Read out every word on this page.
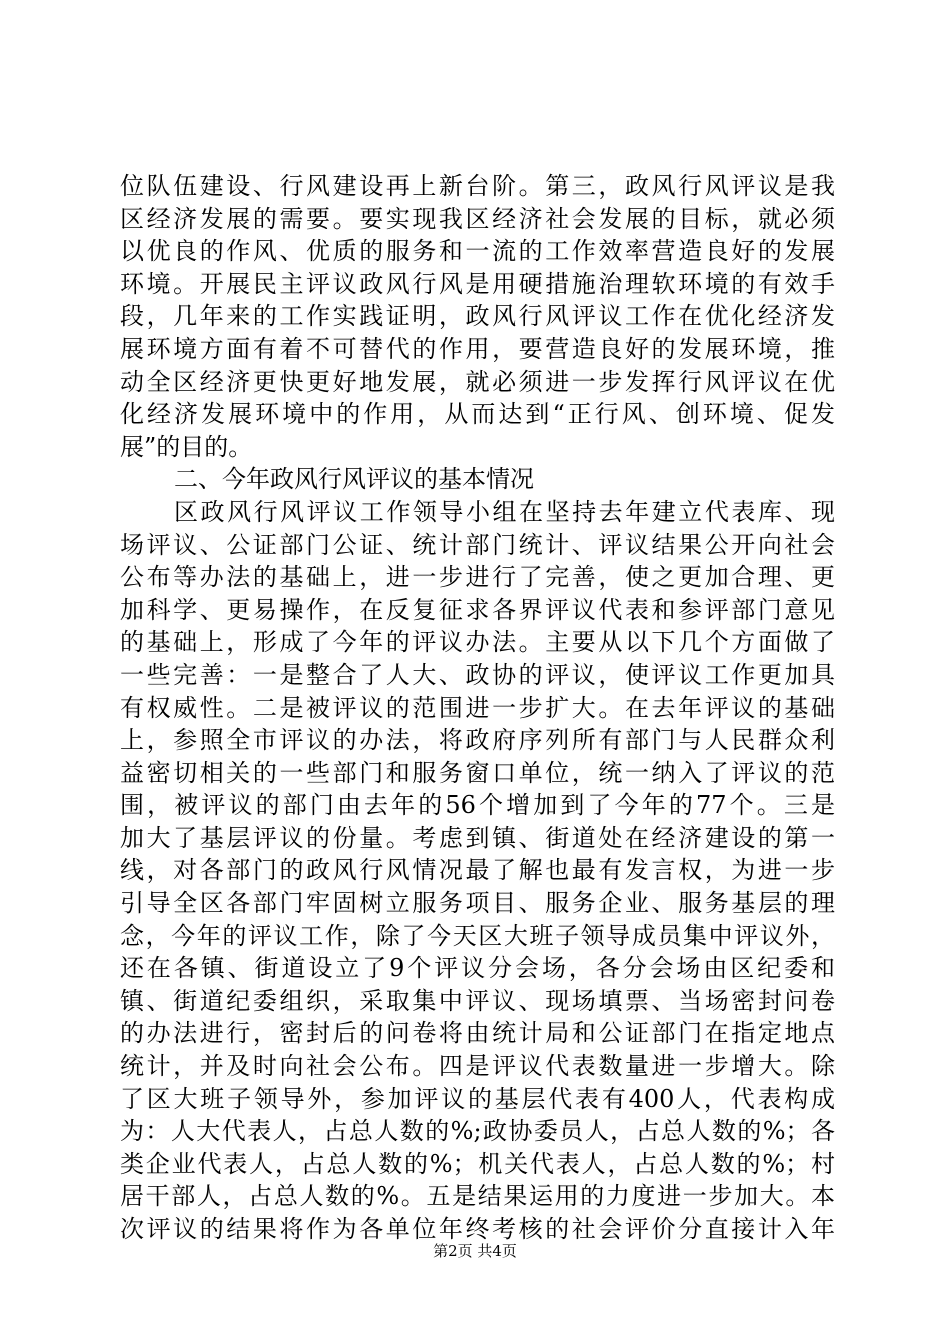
位队伍建设、行风建设再上新台阶。第三，政风行风评议是我
区经济发展的需要。要实现我区经济社会发展的目标，就必须
以优良的作风、优质的服务和一流的工作效率营造良好的发展
环境。开展民主评议政风行风是用硬措施治理软环境的有效手
段，几年来的工作实践证明，政风行风评议工作在优化经济发
展环境方面有着不可替代的作用，要营造良好的发展环境，推
动全区经济更快更好地发展，就必须进一步发挥行风评议在优
化经济发展环境中的作用，从而达到“正行风、创环境、促发
展”的目的。
二、今年政风行风评议的基本情况
区政风行风评议工作领导小组在坚持去年建立代表库、现
场评议、公证部门公证、统计部门统计、评议结果公开向社会
公布等办法的基础上，进一步进行了完善，使之更加合理、更
加科学、更易操作，在反复征求各界评议代表和参评部门意见
的基础上，形成了今年的评议办法。主要从以下几个方面做了
一些完善：一是整合了人大、政协的评议，使评议工作更加具
有权威性。二是被评议的范围进一步扩大。在去年评议的基础
上，参照全市评议的办法，将政府序列所有部门与人民群众利
益密切相关的一些部门和服务窗口单位，统一纳入了评议的范
围，被评议的部门由去年的56个增加到了今年的77个。三是
加大了基层评议的份量。考虑到镇、街道处在经济建设的第一
线，对各部门的政风行风情况最了解也最有发言权，为进一步
引导全区各部门牢固树立服务项目、服务企业、服务基层的理
念，今年的评议工作，除了今天区大班子领导成员集中评议外，
还在各镇、街道设立了9个评议分会场，各分会场由区纪委和
镇、街道纪委组织，采取集中评议、现场填票、当场密封问卷
的办法进行，密封后的问卷将由统计局和公证部门在指定地点
统计，并及时向社会公布。四是评议代表数量进一步增大。除
了区大班子领导外，参加评议的基层代表有400人，代表构成
为：人大代表人，占总人数的%;政协委员人，占总人数的%；各
类企业代表人，占总人数的%；机关代表人，占总人数的%；村
居干部人，占总人数的%。五是结果运用的力度进一步加大。本
次评议的结果将作为各单位年终考核的社会评价分直接计入年
第2页 共4页
